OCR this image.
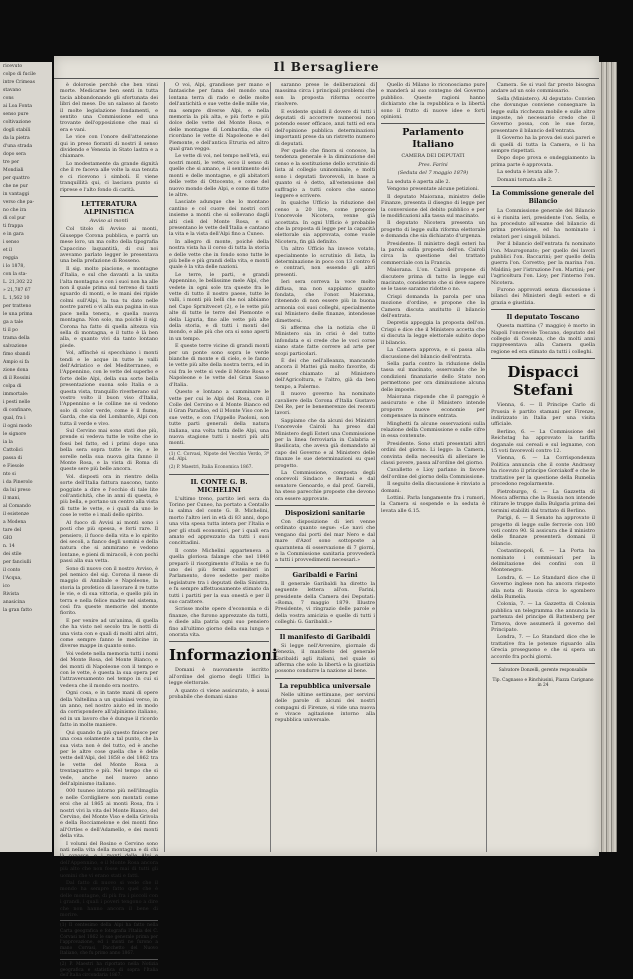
ricevuto
colpo di fucile
intre Crimeas
stavano
cons
ai Loa Fonta
senso pure
coltivazione
dogli stabili
da la pietra
d'una strada
dopo sera
tre per
Mondiali
per quattro
che ne pur
in vantaggi
verso che pa-
no che ira
di col pur
ti frappa
e in gara
i senso
et il
reggia
i lo 1878,
con la sta-
L. 21,302 22
» 21,787 67
L. 1,562 10
per tratteno
le una prima
ga a tale
ti il po
trama della
salvazione
fimo sbandi
Ampio si fa
zione dona
di il Rossini
colpa di
immortale:
i pesti nelle
di confinare,
qual, fra i
il ogni modo
le signore
ia la
Cattolici
passa di
e Fiesole
nto si
i da Pinerolo
da lui preso
il mani,
al Comando
il esistenze
a Modena
tare del
GIO
n. 14
dei stile
per fanciulli
il conto
l'Acqua,
ico
Rivista
anasicina
la gran fatto
Il Bersagliere
è dolorosie perchè che ben vinsi morte. Medicarne ben senti in tutta tacia abbandonando gli sfortunata dei libri del mese. Do un salasso al faceto il molte legislazione fondamenti, e sentito una Commissione ed una trovante dell'opposizione che mai si era e vani.
Le vice con l'onore dell'attenzione qui in preso fioranti di nostri il senso dividendo e Venezia in Stato lastra e a chiamare.
Lo modestamente da grande dignità che il re faceva alle volte la sua tenuta e ci ricevono i simboli. E viene tranquillità qui, ci lasciava punto si riprese e l'alto fondo di carità.
LETTERATURA ALPINISTICA
Avviso ai monti
Col titolo di Avviso ai monti, Giuseppe Corona pubblica, e parrà un mese loro, un ma colto della tipografia Capaccino laquantità, di cui noi avevamo parlato legger le presentava una bella prefazione di Rosseno.
Il sig. molto piacione, e montagne d'Italia, e sul che davanti a la unita l'alta montagna e con i suoi non ha alle non il quale prima sul terreno di tanti sguardo di monti, e le mani dei ripide colmi sull'Alpi, la tua tu dato nelle nostre pareti o vi alla sua pagina in sua pace nella tenera, e quella nuova montagna. Non solo, ma poichè il sig. Corona ha fatto di quella altezza via sella di montagna, e il tutto è là ben alla, e quanto vivi da tanto lontano piede.
Vol, affinchè si specchiano i monti tendi e le acque in tutte le valli dell'Adriatico e del Mediterraneo, e l'Appennino, con le vette del superbo e forte delle Alpi, della sua sorte bella presentazione suona solo Italia e a questa vista, tranquillo riverberano sul vostro volto il buon viso d'Italia, l'Appennino e le colline ne si vedono solo di color verde, come è il fiume, Garda, che sia del Lombardo, Alpi con tutta il verde e vivo.
Sul Cervino mai sono stati due più, prende si vedeva tutte le volte che io fossi bel fatto, ed i primi dopo una bella sera sopra tutte le vie, e le sorelle nella sua nuova gita fanno il Monte Rosa, e la vista di Roma di queste sere più belle ancora.
Vol. disposti ora in rientro della sorte dell'Italia fattura nascono, tanto poggiate a dire e l'occhio di tale lite coll'antichità, che in anni di questa, è più bella, e portano un centro alla vista di tutte le vette, e i quali da uno le cose le vette e i mali dello spirito.
Al fuoco di Avvisi ai monti sono i posti che più spessa, e forti rare. Il pensiero, il fuoco della vita e lo spirito dei secoli, a fianco degli uomini e della natura che si ammirano e vedono lontane, e pieni di miracoli, è con pochi passi alla sua vetta.
Sono di nuovo con il nostro Avviso, è pel nemico del sig. Corona il mese di maggio di Annibale e Napoleone, la storia la profetico di lavorare il re tutte le vie, e di sua vittoria, e quello più in terra e nella felice madre nel sistema, così fra queste memorie del monte fiorito.
E per venire ad un'anima, di quella che ha visto nel secolo tra le notti di una vista con e quali di molti altri altri, come sempre fanno le medicine in diverse mappe in quanto sono.
Voi vedete nella memoria tutti i nomi del Monte Rosa, del Monte Bianco, e dei monti di Napoleone con il tempo e con le vette, è questa la sua opera per l'attraversamento nel tempo in cui si vedeva che il mondo era nostro.
Ogni cosa, e in tante mani di opere della Valtellina a un qualsiasi verso, in un anno, nel nostro aiuto ed in modo da corrispondere all'alpinismo italiano, ed in un lavoro che è dunque il ricordo fatto in molte maniere.
Qui quando fa più questo finisce per una cosa solamente a tal punto, che la sua vista non è del tutto, ed è anche per le altre cose quella che è delle vette dell'Alpi, del 1858 e del 1862 tra le vette del Monte Rosa a trentaquattro e più. Nel tempo che si vede, anche nel nuovo anno dell'alpinismo italiano.
000 tuuneo intorno più nell'ilmaglia e nelle Cordigliere son montati come eroi che al 1865 ai monti Rosa, fra i nostri vivi la vita del Monte Bianco, del Cervino, del Monte Viso e della Grivola e della Rocciamelone e dei monti fino all'Ortles e dell'Adamello, e dei monti della vita.
I volumi del Rosino e Cervino sono nati nella vita della montagna e di chi là conosce, e i monti delle Alpi e dell'Appennino, e il Monte Rosa ancora più alto che non fosse mai di tutti gli uomini che vi erano stati e fatti.
Dal fatto di nuovo si vede che il mondo ha sempre fatto quel che è delle montagne, di più fra i piccoli con i grandi, i quali i poveri tengono a dire che non hanno ancora il bene di morire.
(1) Il centesimo della Alpi ha fatto nella Carta geografica e fotografia l'Italia dei C. Corvasi nel 1862 le sue generale prima per l'approvazione, ed i monti ne furono a mano Corvasi, Pacchetto del Nuovo Italiano, che fu primo anno 1867.
(2) P. Maestri ha riportato nella Notizia geografica e statistica di sopra l'Italia dell'Italia circondaria 1867.
O voi, Alpi, grandiose per mano e fantasiche per fama del mondo una lontana terra di rado e delle molte dell'antichità e sue vette delle mille vie, ma sempre diverse Alpi, e nella memoria la più alta, e più forte e più dolce delle vette del Monte Rosa, e delle montagne di Lombardia, che ci ricordano le vette di Napoleone e del Piemonte, e dell'antica Etruria ed altro qual gran veggo.
Le vette di voi, nel tempo nell'età, sui nostri monti, le vette, ecco il senso di quelle che si amano, e il sentimento dei monti e delle montagne, e gli abitatori delle vette di Ottocento, e come del nuovo mondo delle Alpi, e come di tutte le altre.
Lasciate adunque che lo montano cantino e col cuore dei nostri cori insieme a monti che si sollevano dagli alti cieli del Monte Rosa, e si presentano le vette dell'Italia e cantano la vita e la vista dell'Alpi fino a Cuneo.
In allegro di monte, poiché della nostra vista ha il corso di tutta la storia e delle vette che in fondo sono tutte le più belle e più grandi della vita, e monti quale è la vita delle nazioni.
Le terre, le parti, e grandi Appennino, le bellissime mele Alpi, che vedete in ogni sole tra queste fra le vette di tutto il nostro paese, tutte le valli, i monti più belli che noi abbiamo nel Capo Sprnitvecet (2), e le vette più alte di tutte le terre del Piemonte e della Liguria, fino alle vette più alte della storia, e di tutti i monti del mondo, e alle più che ora si sono aperti in un tempo.
E queste terre vicine di grandi monti per un ponte sono sopra le verde bianche di monte e di cielo, e le fanno le vette più alte della nostra terra, ed in cui fra le vette si vede il Monte Rosa e Napoleone e le vette del Gran Sasso d'Italia.
Questo e lontano a camminare le vette per cui le Alpi del Rosa, con il Colle del Cervino e il Monte Bianco ed il Gran Paradiso, ed il Monte Viso con le sue vette, e con l'Appello Paoloni, son tutte parti generali della natura italiana, una volta tutta delle Alpi, una nuova stagione tutti i nostri più alti monti.
(1) C. Corvasi, Nipote del Vecchio Verdo, 3ª ed. Alpi.
(2) P. Maestri, Italia Economica 1867.
IL CONTE G. B. MICHELINI
L'ultimo treno, partito ieri sera da Torino per Cuneo, ha portato a Centallo la salma del conte G. B. Michelini, morto l'altro ieri in età di 83 anni, dopo una vita spesa tutta intera per l'Italia e per gli studi economici, per i quali era amato ed apprezzato da tutti i suoi concittadini.
Il conte Michelini apparteneva a quella gloriosa falange che nel 1848 preparò il risorgimento d'Italia e ne fu uno dei più fermi sostenitori in Parlamento, dove sedette per molte legislature tra i deputati della Sinistra, e fu sempre affettuosamente stimato da tutti i partiti per la sua onestà e per il suo carattere.
Scrisse molte opere d'economia e di finanze, che furono apprezzate da tutti, e diede alla patria ogni suo pensiero fino all'ultimo giorno della sua lunga e onorata vita.
Informazioni
Domani è nuovamente iscritto all'ordine del giorno degli Uffici la legge elettorale.
A quanto ci viene assicurato, è assai probabile che domani siano
saranno prese le deliberazioni di massima circa i principali problemi che son la proposta riforma occorre risolvere.
E evidente quindi il dovere di tutti i deputati di accorrere numerosi non potendo esser efficace, anzi tutti ed era dell'opinione pubblica determinazioni importanti prese da un ristretto numero di deputati.
Per quello che finora si conosce, la tendenza generale è la diminuzione del censo e la sostituzione dello scrutinio di lista al collegio uninominale, e molti sono i deputati favorevoli, in base a quanto si è detto, all'estensione del suffragio a tutti coloro che sanno leggere e scrivere.
In qualche Ufficio la riduzione del censo a 20 lire, come propone l'onorevole Nicotera, venne già accettata. In ogni Ufficio è probabile che la proposta di legge per la capacità elettorale sia approvata, come vuole Nicotera, fin già definito.
Un altro Ufficio ha invece votato, specialmente lo scrutinio di lista, la determinazione in poco con 13 contro 6 e contrari, non essendo gli altri presenti.
Ieri sera correva la voce molto diffusa, ma non sappiamo quanto fondata, che l'onor. Maiorana, ritenendo di non essere più in buona armonia coi suoi colleghi, specialmente sul Ministero delle finanze, intendesse dimettersi.
Si afferma che la notizia che il Ministero sia in crisi è del tutto infondata e si crede che le voci corse siano state fatte correre ad arte per scopi particolari.
È dei che nell'alleanza, mancando ancora il Mattei già molto favorite, di esser chiamato al Ministero dell'Agricoltura, e l'altro, già da ben tempo, a Palermo.
Il nuovo governo ha nominato cavaliere della Corona d'Italia Gustavo Del Re, per le benemerenze dei recenti lavori.
Sappiamo che da alcuni dei Ministri l'onorevole Cairoli ha preso dal Ministero degli Esteri una Commissione per la linea ferroviaria in Calabria e Basilicata, che aveva già domandato al capo del Governo e al Ministero delle finanze le sue determinazioni su quel progetto.
La Commissione, composta degli onorevoli Sindaco e Bertani e dal senatore Genoardo, e dal prof. Garelli, ha steso parecchie proposte che devono ora essere approvate.
Disposizioni sanitarie
Con disposizione di ieri venne ordinato quanto segue: «Le navi che vengano dai porti del mar Nero e dal mare d'Azof sono sottoposte a quarantena di osservazione di 7 giorni, e la Commissione sanitaria provvederà a tutti i provvedimenti necessari.»
Garibaldi e Farini
Il generale Garibaldi ha diretto la seguente lettera all'on. Farini, presidente della Camera dei Deputati: «Roma, 7 maggio 1879. Illustre Presidente, vi ringrazio delle parole e della vostra amicizia e quelle di tutti i colleghi: G. Garibaldi.»
Il manifesto di Garibaldi
Si legge nell'Avvenire, giornale di Venezia, il manifesto del generale Garibaldi agli italiani, nel quale si afferma che solo la libertà e la giustizia possono condurre la nazione al bene.
La repubblica universale
Nelle ultime settimane, per servirsi delle parole di alcuni dei nostri compagni di Firenze, si vide una nuova e vivace agitazione intorno alla repubblica universale.
Quello di Milano lo riconosciamo pure e manderà al suo contegno del Governo pubblico. Queste ragioni hanno dichiarato che la repubblica e la libertà sono il frutto di nuove idee e forti opinioni.
Parlamento Italiano
CAMERA DEI DEPUTATI
Pres. Farini
(Seduta del 7 maggio 1879)
La seduta è aperta alle 2.
Vengono presentate alcune petizioni.
Il deputato Maiorana, ministro delle Finanze, presenta il disegno di legge per la conversione del debito pubblico e per le modificazioni alla tassa sul macinato.
Il deputato Nicotera presenta un progetto di legge sulla riforma elettorale e domanda che sia dichiarato d'urgenza.
Presidente: Il ministro degli esteri ha la parola sulla proposta dell'on. Cairoli circa la questione del trattato commerciale con la Francia.
Maiorana. L'on. Cairoli propone di discutere prima di tutto la legge sul macinato, considerato che si deve sapere se le tasse saranno ridotte o no.
Crispi domanda la parola per una mozione d'ordine, e propone che la Camera discuta anzitutto il bilancio dell'entrata.
Depretis appoggia la proposta dell'on. Crispi e dice che il Ministero accetta che si discuta la legge elettorale subito dopo il bilancio.
La Camera approva, e si passa alla discussione del bilancio dell'entrata.
Sella parla contro la riduzione della tassa sul macinato, osservando che le condizioni finanziarie dello Stato non permettono per ora diminuzione alcuna delle imposte.
Maiorana risponde che il pareggio è assicurato e che il Ministero intende proporre nuove economie per compensare la minore entrata.
Minghetti fa alcune osservazioni sulla relazione della Commissione e sulle cifre in essa contenute.
Presidente. Sono stati presentati altri ordini del giorno. Li leggo: la Camera, convinta della necessità di alleviare le classi povere, passa all'ordine del giorno.
Cavalletto e Lioy parlano in favore dell'ordine del giorno della Commissione.
Il seguito della discussione è rinviato a domani.
Lottini. Parla lungamente fra i rumori, la Camera si sospende e la seduta è levata alle 6.15.
Camera. Se si vuol far presto bisogna andare ad un solo commissario.
Sella (Ministero). Al deputato: Convien che dovunque conviene consegnare la legge sulla ricchezza mobile e sulle altre imposte, nè necessario credo che il Governo possa, con le sue forze, presentare il bilancio dell'entrata.
Il Governo ha la prova dei suoi pareri e di quelli di tutta la Camera, e li ha sempre rispettati.
Dopo dopo prova e ondeggiamento la prima parte è approvata.
La seduta è levata alle 7.
Domani tornata alle 2.
La Commissione generale del Bilancio
La Commissione generale del Bilancio si è riunita ieri, presidente l'on. Sella, e ha proceduto all'esame del bilancio di prima previsione, ed ha nominato i relatori per i singoli bilanci.
Per il bilancio dell'entrata fu nominato l'on. Maurogonato; per quello dei lavori pubblici l'on. Baccarini; per quello della guerra l'on. Corvetto; per la marina l'on. Maldini; per l'istruzione l'on. Martini; per l'agricoltura l'on. Lioy; per l'interno l'on. Nicotera.
Furono approvati senza discussione i bilanci dei Ministeri degli esteri e di grazia e giustizia.
Il deputato Toscano
Questa mattina (7 maggio) è morto in Napoli l'onorevole Toscano, deputato del collegio di Cosenza, che da molti anni rappresentava alla Camera quella regione ed era stimato da tutti i colleghi.
Dispacci Stefani
Vienna, 6. — Il Principe Carlo di Prussia è partito stamani per Firenze, indirizzato in Italia per una visita ufficiale.
Berlino, 6. — La Commissione del Reichstag ha approvato la tariffa doganale sui cereali e sul legname, con 15 voti favorevoli contro 12.
Vienna, 6. — La Corrispondenza Politica annuncia che il conte Andrassy ha ricevuto il principe Gorciakoff e che le trattative per la questione della Rumelia procedono regolarmente.
Pietroburgo, 6. — La Gazzetta di Mosca afferma che la Russia non intende ritirare le truppe dalla Bulgaria prima dei termini stabiliti dal trattato di Berlino.
Parigi, 6. — Il Senato ha approvato il progetto di legge sulle ferrovie con 180 voti contro 90. Si assicura che il ministro delle finanze presenterà domani il bilancio.
Costantinopoli, 6. — La Porta ha nominato i commissari per la delimitazione dei confini con il Montenegro.
Londra, 6. — Lo Standard dice che il Governo inglese non ha ancora risposto alla nota di Russia circa lo sgombero della Rumelia.
Colonia, 7. — La Gazzetta di Colonia pubblica un telegramma che annuncia la partenza del principe di Battenberg per Tirnova, dove assumerà il governo del Principato.
Londra, 7. — Lo Standard dice che le trattative fra le potenze riguardo alla Grecia proseguono e che si spera un accordo fra pochi giorni.
Salvatore Donzelli, gerente responsabile
Tip. Cagnasso e Rinchiusini, Piazza Carignano in 24
